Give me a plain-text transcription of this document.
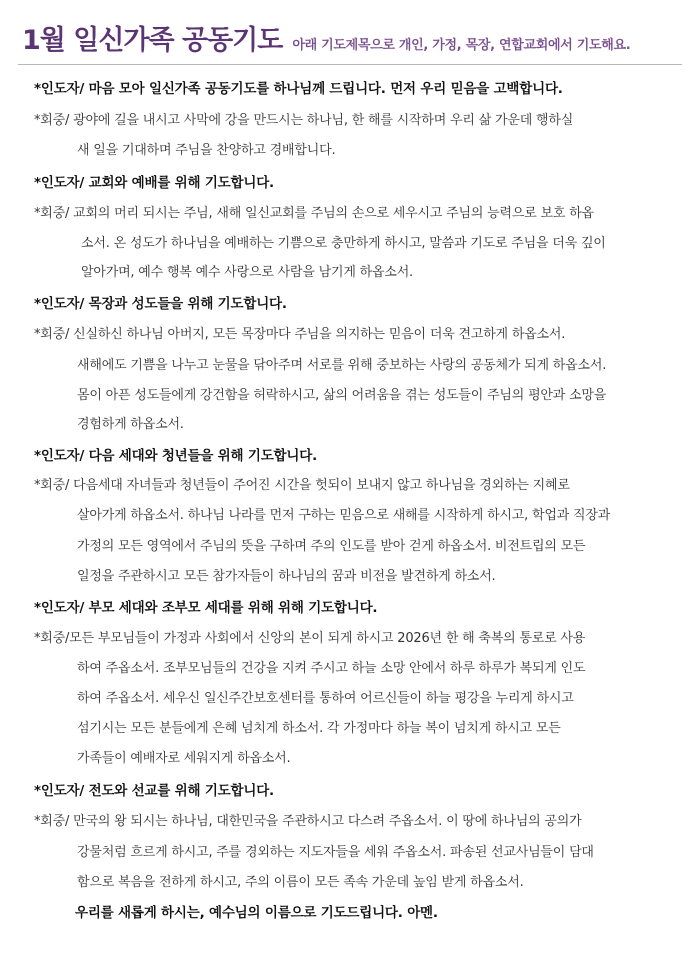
1월 일신가족 공동기도 아래 기도제목으로 개인, 가정, 목장, 연합교회에서 기도해요.
*인도자/ 마음 모아 일신가족 공동기도를 하나님께 드립니다. 먼저 우리 믿음을 고백합니다.
*회중/ 광야에 길을 내시고 사막에 강을 만드시는 하나님, 한 해를 시작하며 우리 삶 가운데 행하실
새 일을 기대하며 주님을 찬양하고 경배합니다.
*인도자/ 교회와 예배를 위해 기도합니다.
*회중/ 교회의 머리 되시는 주님, 새해 일신교회를 주님의 손으로 세우시고 주님의 능력으로 보호 하옵
소서. 온 성도가 하나님을 예배하는 기쁨으로 충만하게 하시고, 말씀과 기도로 주님을 더욱 깊이
알아가며, 예수 행복 예수 사랑으로 사람을 남기게 하옵소서.
*인도자/ 목장과 성도들을 위해 기도합니다.
*회중/ 신실하신 하나님 아버지, 모든 목장마다 주님을 의지하는 믿음이 더욱 견고하게 하옵소서.
새해에도 기쁨을 나누고 눈물을 닦아주며 서로를 위해 중보하는 사랑의 공동체가 되게 하옵소서.
몸이 아픈 성도들에게 강건함을 허락하시고, 삶의 어려움을 겪는 성도들이 주님의 평안과 소망을
경험하게 하옵소서.
*인도자/ 다음 세대와 청년들을 위해 기도합니다.
*회중/ 다음세대 자녀들과 청년들이 주어진 시간을 헛되이 보내지 않고 하나님을 경외하는 지혜로
살아가게 하옵소서. 하나님 나라를 먼저 구하는 믿음으로 새해를 시작하게 하시고, 학업과 직장과
가정의 모든 영역에서 주님의 뜻을 구하며 주의 인도를 받아 걷게 하옵소서. 비전트립의 모든
일정을 주관하시고 모든 참가자들이 하나님의 꿈과 비전을 발견하게 하소서.
*인도자/ 부모 세대와 조부모 세대를 위해 위해 기도합니다.
*회중/모든 부모님들이 가정과 사회에서 신앙의 본이 되게 하시고 2026년 한 해 축복의 통로로 사용
하여 주옵소서. 조부모님들의 건강을 지켜 주시고 하늘 소망 안에서 하루 하루가 복되게 인도
하여 주옵소서. 세우신 일신주간보호센터를 통하여 어르신들이 하늘 평강을 누리게 하시고
섬기시는 모든 분들에게 은혜 넘치게 하소서. 각 가정마다 하늘 복이 넘치게 하시고 모든
가족들이 예배자로 세워지게 하옵소서.
*인도자/ 전도와 선교를 위해 기도합니다.
*회중/ 만국의 왕 되시는 하나님, 대한민국을 주관하시고 다스려 주옵소서. 이 땅에 하나님의 공의가
강물처럼 흐르게 하시고, 주를 경외하는 지도자들을 세워 주옵소서. 파송된 선교사님들이 담대
함으로 복음을 전하게 하시고, 주의 이름이 모든 족속 가운데 높임 받게 하옵소서.
우리를 새롭게 하시는, 예수님의 이름으로 기도드립니다. 아멘.
